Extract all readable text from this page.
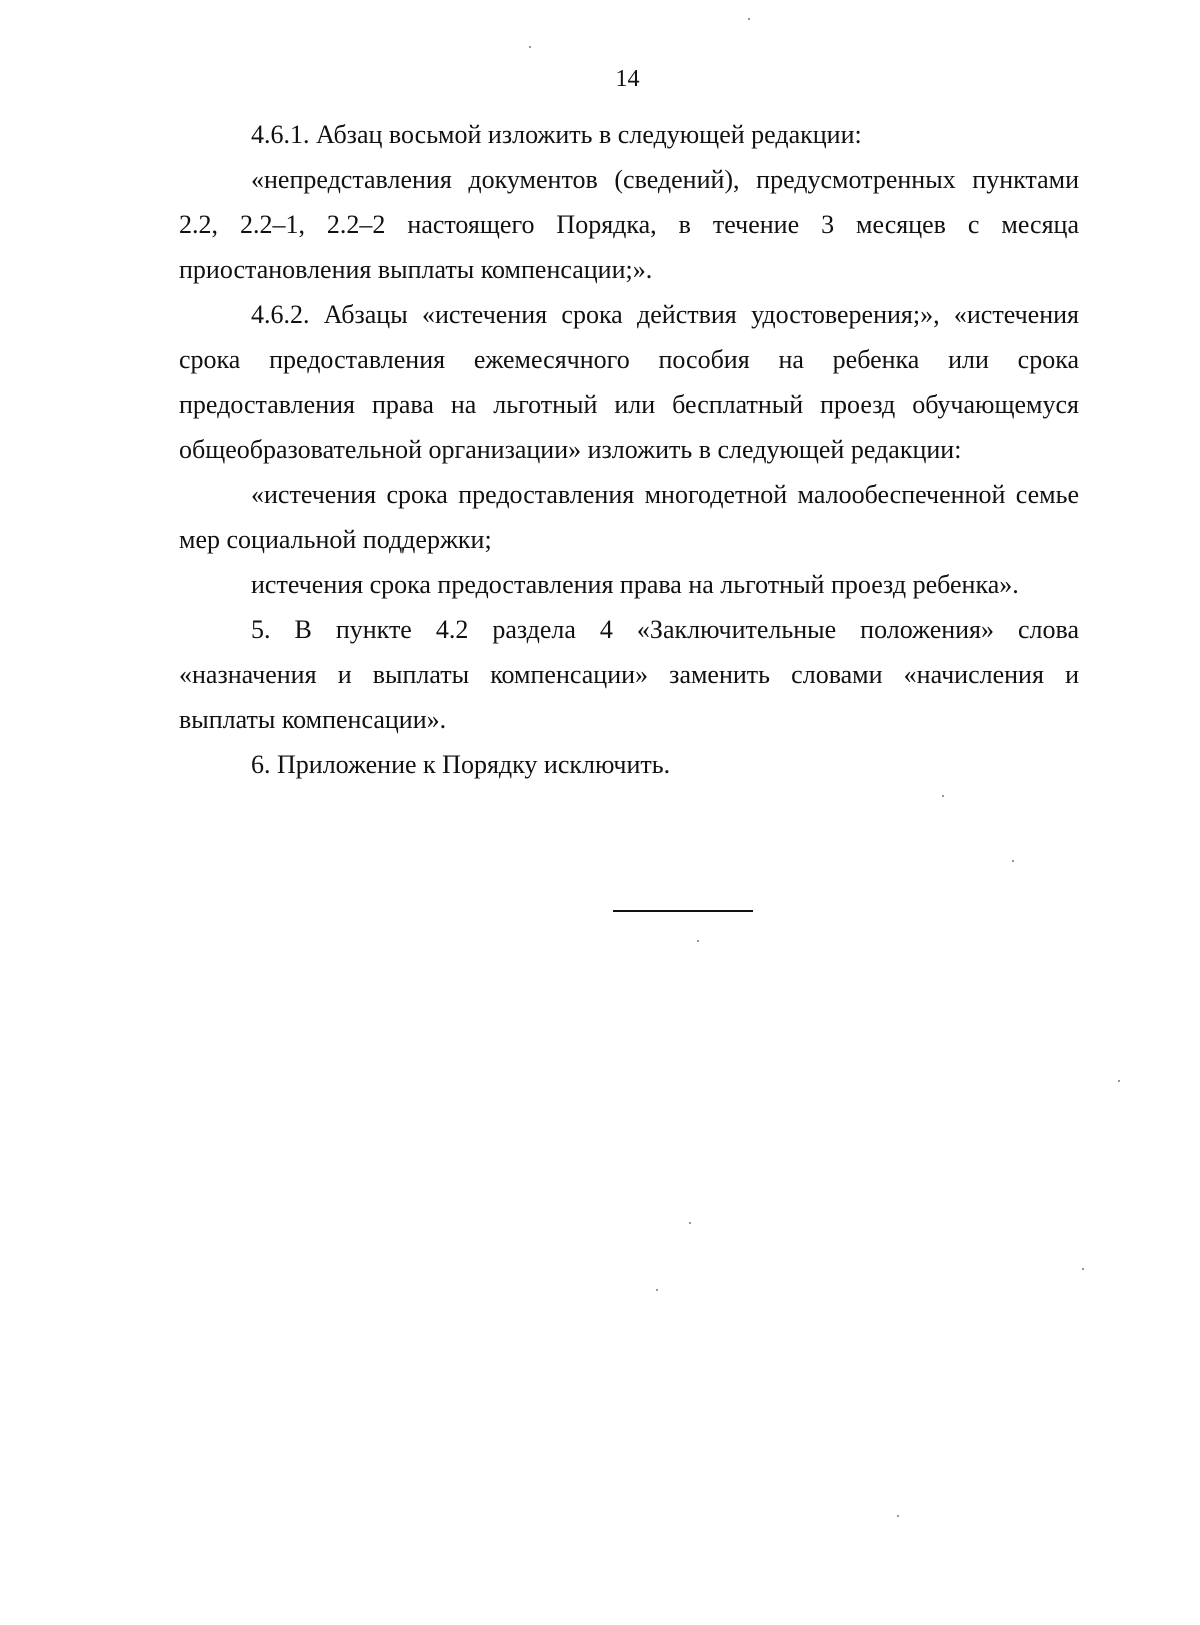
14

4.6.1. Абзац восьмой изложить в следующей редакции:

«непредставления документов (сведений), предусмотренных пунктами 2.2, 2.2–1, 2.2–2 настоящего Порядка, в течение 3 месяцев с месяца приостановления выплаты компенсации;».

4.6.2. Абзацы «истечения срока действия удостоверения;», «истечения срока предоставления ежемесячного пособия на ребенка или срока предоставления права на льготный или бесплатный проезд обучающемуся общеобразовательной организации» изложить в следующей редакции:

«истечения срока предоставления многодетной малообеспеченной семье мер социальной поддержки;

истечения срока предоставления права на льготный проезд ребенка».

5. В пункте 4.2 раздела 4 «Заключительные положения» слова «назначения и выплаты компенсации» заменить словами «начисления и выплаты компенсации».

6. Приложение к Порядку исключить.
